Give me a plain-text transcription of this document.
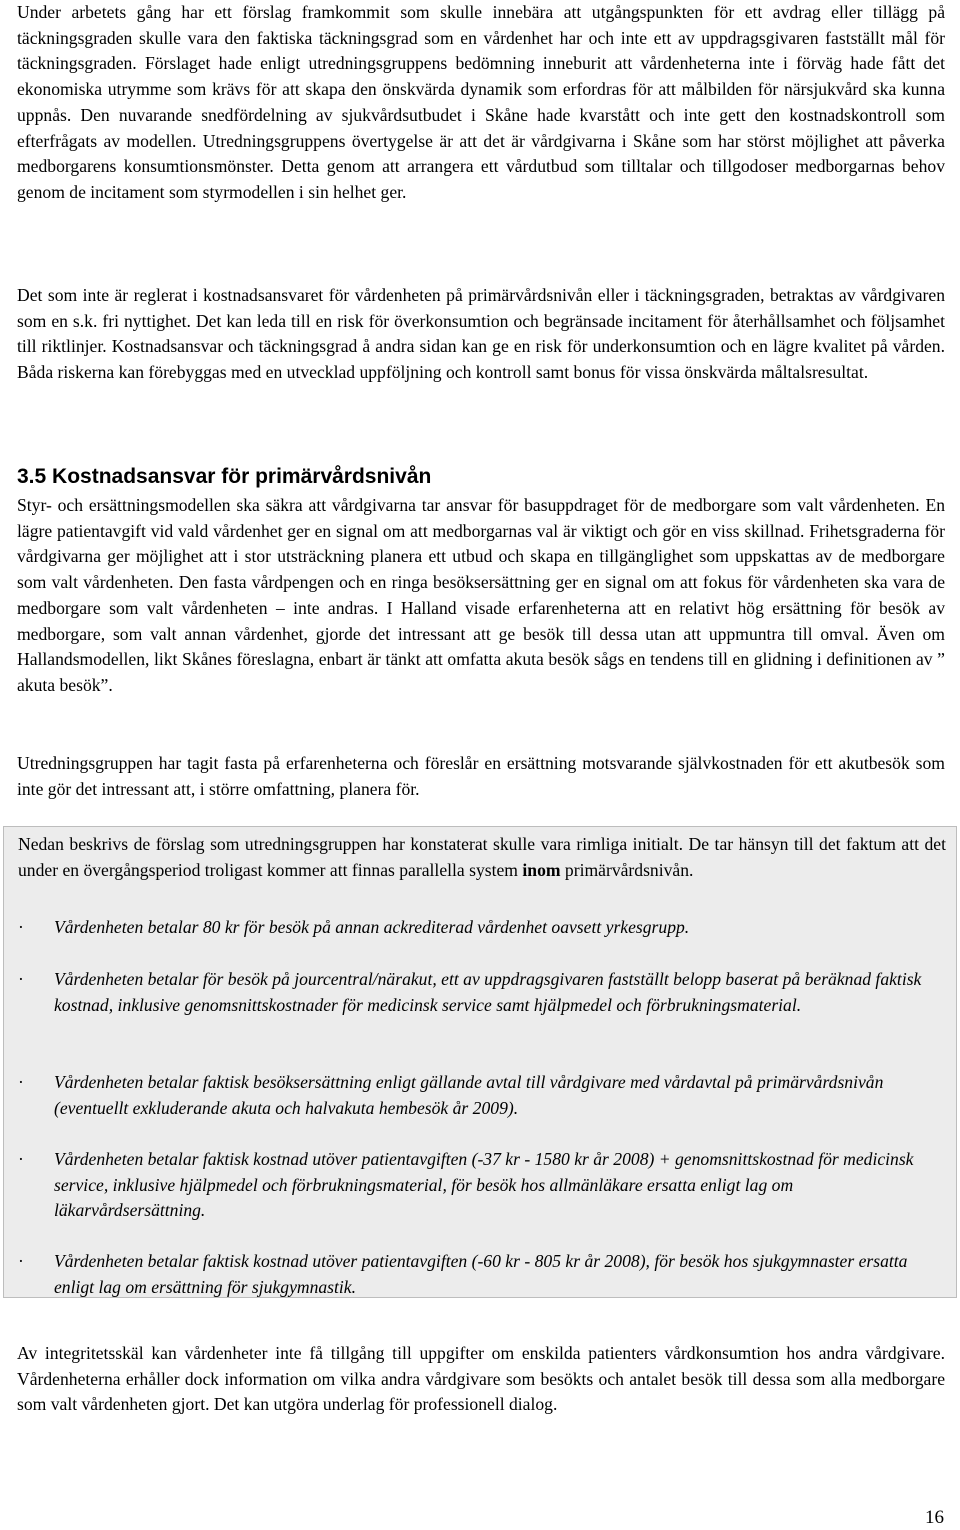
Under arbetets gång har ett förslag framkommit som skulle innebära att utgångspunkten för ett avdrag eller tillägg på täckningsgraden skulle vara den faktiska täckningsgrad som en vårdenhet har och inte ett av uppdragsgivaren fastställt mål för täckningsgraden. Förslaget hade enligt utredningsgruppens bedömning inneburit att vårdenheterna inte i förväg hade fått det ekonomiska utrymme som krävs för att skapa den önskvärda dynamik som erfordras för att målbilden för närsjukvård ska kunna uppnås. Den nuvarande snedfördelning av sjukvårdsutbudet i Skåne hade kvarstått och inte gett den kostnadskontroll som efterfrågats av modellen. Utredningsgruppens övertygelse är att det är vårdgivarna i Skåne som har störst möjlighet att påverka medborgarens konsumtionsmönster. Detta genom att arrangera ett vårdutbud som tilltalar och tillgodoser medborgarnas behov genom de incitament som styrmodellen i sin helhet ger.

Det som inte är reglerat i kostnadsansvaret för vårdenheten på primärvårdsnivån eller i täckningsgraden, betraktas av vårdgivaren som en s.k. fri nyttighet. Det kan leda till en risk för överkonsumtion och begränsade incitament för återhållsamhet och följsamhet till riktlinjer. Kostnadsansvar och täckningsgrad å andra sidan kan ge en risk för underkonsumtion och en lägre kvalitet på vården. Båda riskerna kan förebyggas med en utvecklad uppföljning och kontroll samt bonus för vissa önskvärda måltalsresultat.

3.5 Kostnadsansvar för primärvårdsnivån

Styr- och ersättningsmodellen ska säkra att vårdgivarna tar ansvar för basuppdraget för de medborgare som valt vårdenheten. En lägre patientavgift vid vald vårdenhet ger en signal om att medborgarnas val är viktigt och gör en viss skillnad. Frihetsgraderna för vårdgivarna ger möjlighet att i stor utsträckning planera ett utbud och skapa en tillgänglighet som uppskattas av de medborgare som valt vårdenheten. Den fasta vårdpengen och en ringa besöksersättning ger en signal om att fokus för vårdenheten ska vara de medborgare som valt vårdenheten – inte andras. I Halland visade erfarenheterna att en relativt hög ersättning för besök av medborgare, som valt annan vårdenhet, gjorde det intressant att ge besök till dessa utan att uppmuntra till omval. Även om Hallandsmodellen, likt Skånes föreslagna, enbart är tänkt att omfatta akuta besök sågs en tendens till en glidning i definitionen av ” akuta besök”.

Utredningsgruppen har tagit fasta på erfarenheterna och föreslår en ersättning motsvarande självkostnaden för ett akutbesök som inte gör det intressant att, i större omfattning, planera för.

Nedan beskrivs de förslag som utredningsgruppen har konstaterat skulle vara rimliga initialt. De tar hänsyn till det faktum att det under en övergångsperiod troligast kommer att finnas parallella system inom primärvårdsnivån.

· Vårdenheten betalar 80 kr för besök på annan ackrediterad vårdenhet oavsett yrkesgrupp.
· Vårdenheten betalar för besök på jourcentral/närakut, ett av uppdragsgivaren fastställt belopp baserat på beräknad faktisk kostnad, inklusive genomsnittskostnader för medicinsk service samt hjälpmedel och förbrukningsmaterial.
· Vårdenheten betalar faktisk besöksersättning enligt gällande avtal till vårdgivare med vårdavtal på primärvårdsnivån (eventuellt exkluderande akuta och halvakuta hembesök år 2009).
· Vårdenheten betalar faktisk kostnad utöver patientavgiften (-37 kr - 1580 kr år 2008) + genomsnittskostnad för medicinsk service, inklusive hjälpmedel och förbrukningsmaterial, för besök hos allmänläkare ersatta enligt lag om läkarvårdsersättning.
· Vårdenheten betalar faktisk kostnad utöver patientavgiften (-60 kr - 805 kr år 2008), för besök hos sjukgymnaster ersatta enligt lag om ersättning för sjukgymnastik.

Av integritetsskäl kan vårdenheter inte få tillgång till uppgifter om enskilda patienters vårdkonsumtion hos andra vårdgivare. Vårdenheterna erhåller dock information om vilka andra vårdgivare som besökts och antalet besök till dessa som alla medborgare som valt vårdenheten gjort. Det kan utgöra underlag för professionell dialog.

16
